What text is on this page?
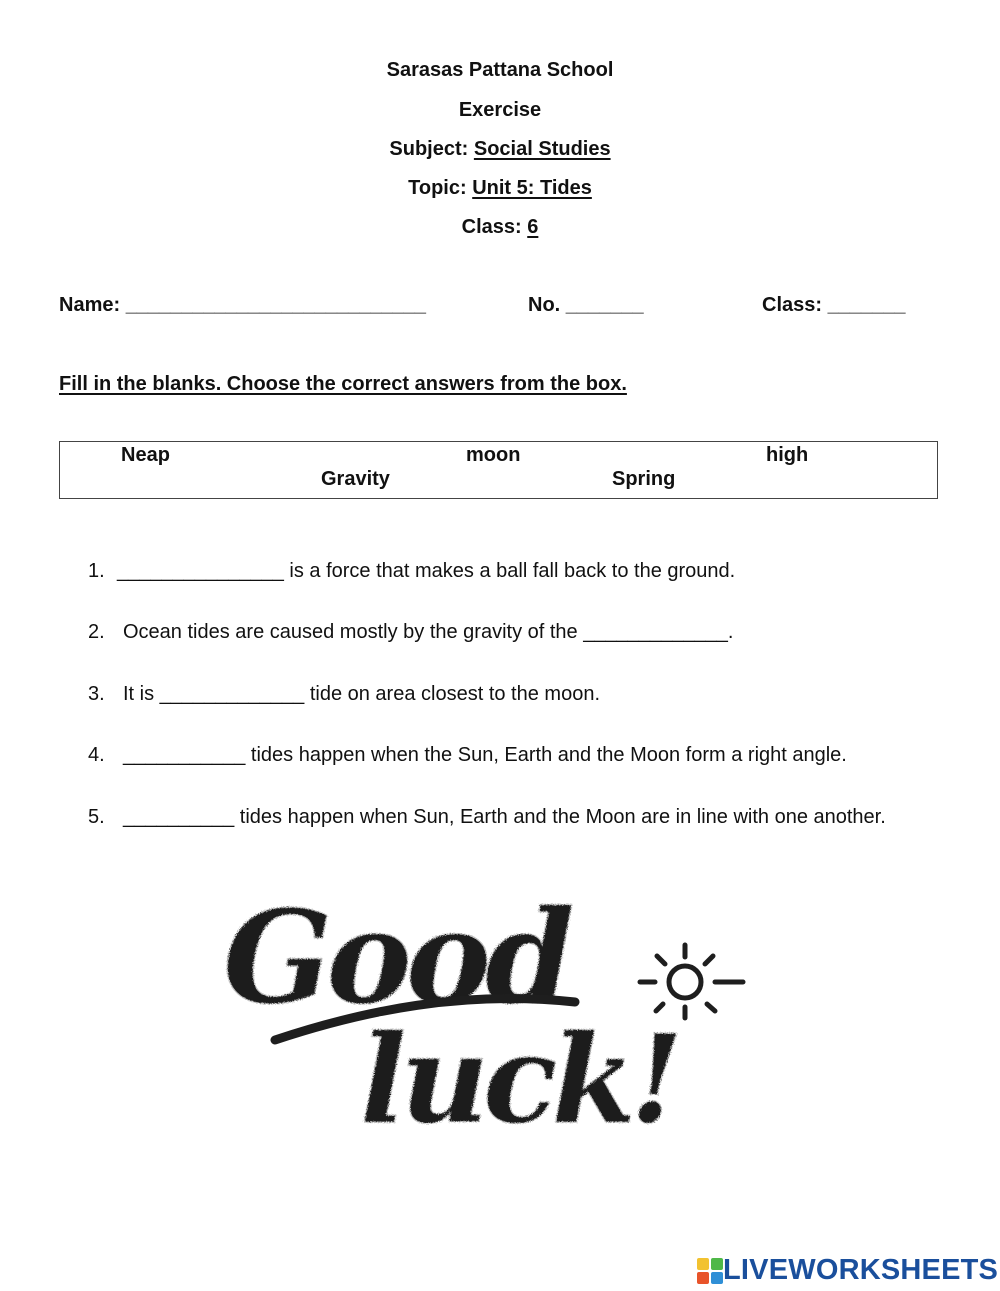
Sarasas Pattana School
Exercise
Subject: Social Studies
Topic: Unit 5: Tides
Class: 6
Name: ___________________________	No. _______	Class: _______
Fill in the blanks. Choose the correct answers from the box.
Neap	moon	high
Gravity	Spring
1. _______________ is a force that makes a ball fall back to the ground.
2. Ocean tides are caused mostly by the gravity of the _____________.
3. It is _____________ tide on area closest to the moon.
4. ___________ tides happen when the Sun, Earth and the Moon form a right angle.
5. __________ tides happen when Sun, Earth and the Moon are in line with one another.
Good
luck!
LIVEWORKSHEETS
